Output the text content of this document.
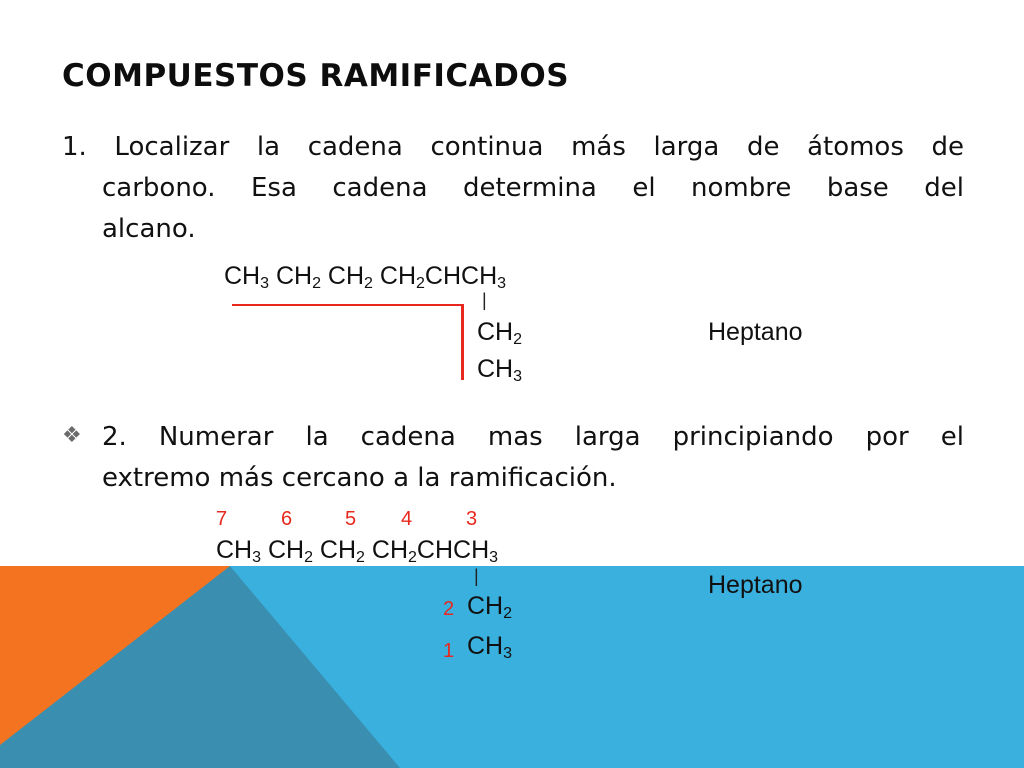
COMPUESTOS RAMIFICADOS
1. Localizar la cadena continua más larga de átomos de
carbono. Esa cadena determina el nombre base del
alcano.
$CH_3$ $CH_2$ $CH_2$ $CH_2CHCH_3$
|
$CH_2$
$CH_3$
Heptano
❖ 2. Numerar la cadena mas larga principiando por el
extremo más cercano a la ramificación.
7	6	5 4	3
$CH_3$ $CH_2$ $CH_2$ $CH_2CHCH_3$
|
2 $CH_2$
1 $CH_3$
Heptano
